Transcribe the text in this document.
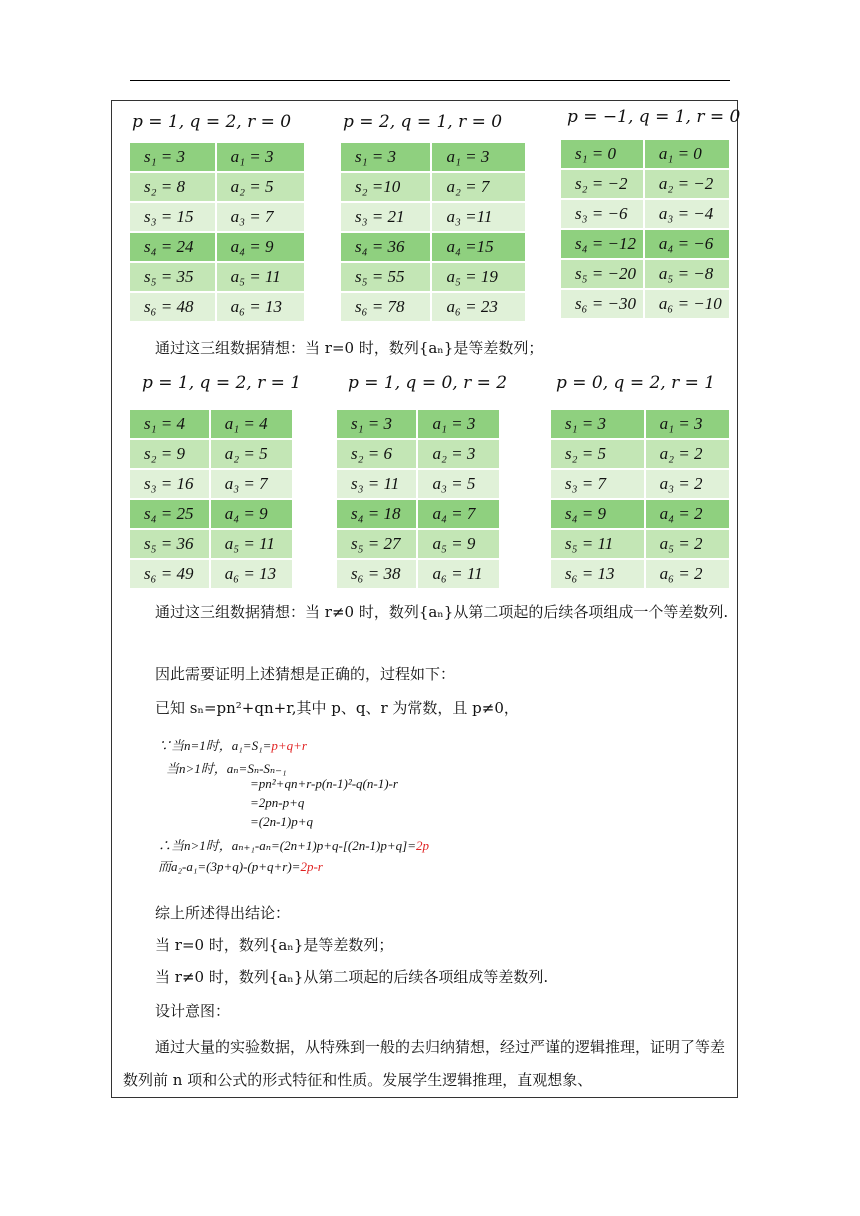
p = 1, q = 2, r = 0
s₁ = 3	a₁ = 3
s₂ = 8	a₂ = 5
s₃ = 15	a₃ = 7
s₄ = 24	a₄ = 9
s₅ = 35	a₅ = 11
s₆ = 48	a₆ = 13
p = 2, q = 1, r = 0
s₁ = 3	a₁ = 3
s₂ =10	a₂ = 7
s₃ = 21	a₃ =11
s₄ = 36	a₄ =15
s₅ = 55	a₅ = 19
s₆ = 78	a₆ = 23
p = −1, q = 1, r = 0
s₁ = 0	a₁ = 0
s₂ = −2	a₂ = −2
s₃ = −6	a₃ = −4
s₄ = −12	a₄ = −6
s₅ = −20	a₅ = −8
s₆ = −30	a₆ = −10
通过这三组数据猜想：当 r=0 时，数列{aₙ}是等差数列；
p = 1, q = 2, r = 1
s₁ = 4	a₁ = 4
s₂ = 9	a₂ = 5
s₃ = 16	a₃ = 7
s₄ = 25	a₄ = 9
s₅ = 36	a₅ = 11
s₆ = 49	a₆ = 13
p = 1, q = 0, r = 2
s₁ = 3	a₁ = 3
s₂ = 6	a₂ = 3
s₃ = 11	a₃ = 5
s₄ = 18	a₄ = 7
s₅ = 27	a₅ = 9
s₆ = 38	a₆ = 11
p = 0, q = 2, r = 1
s₁ = 3	a₁ = 3
s₂ = 5	a₂ = 2
s₃ = 7	a₃ = 2
s₄ = 9	a₄ = 2
s₅ = 11	a₅ = 2
s₆ = 13	a₆ = 2
通过这三组数据猜想：当 r≠0 时，数列{aₙ}从第二项起的后续各项组成一个等差数列.
因此需要证明上述猜想是正确的，过程如下：
已知 sₙ=pn²+qn+r,其中 p、q、r 为常数，且 p≠0，
∵当n=1时，a₁=S₁=p+q+r
当n>1时，aₙ=Sₙ-Sₙ₋₁
=pn²+qn+r-p(n-1)²-q(n-1)-r
=2pn-p+q
=(2n-1)p+q
∴当n>1时，aₙ₊₁-aₙ=(2n+1)p+q-[(2n-1)p+q]=2p
而a₂-a₁=(3p+q)-(p+q+r)=2p-r
综上所述得出结论：
当 r=0 时，数列{aₙ}是等差数列；
当 r≠0 时，数列{aₙ}从第二项起的后续各项组成等差数列.
设计意图：
通过大量的实验数据，从特殊到一般的去归纳猜想，经过严谨的逻辑推理，证明了等差数列前 n 项和公式的形式特征和性质。发展学生逻辑推理，直观想象、
